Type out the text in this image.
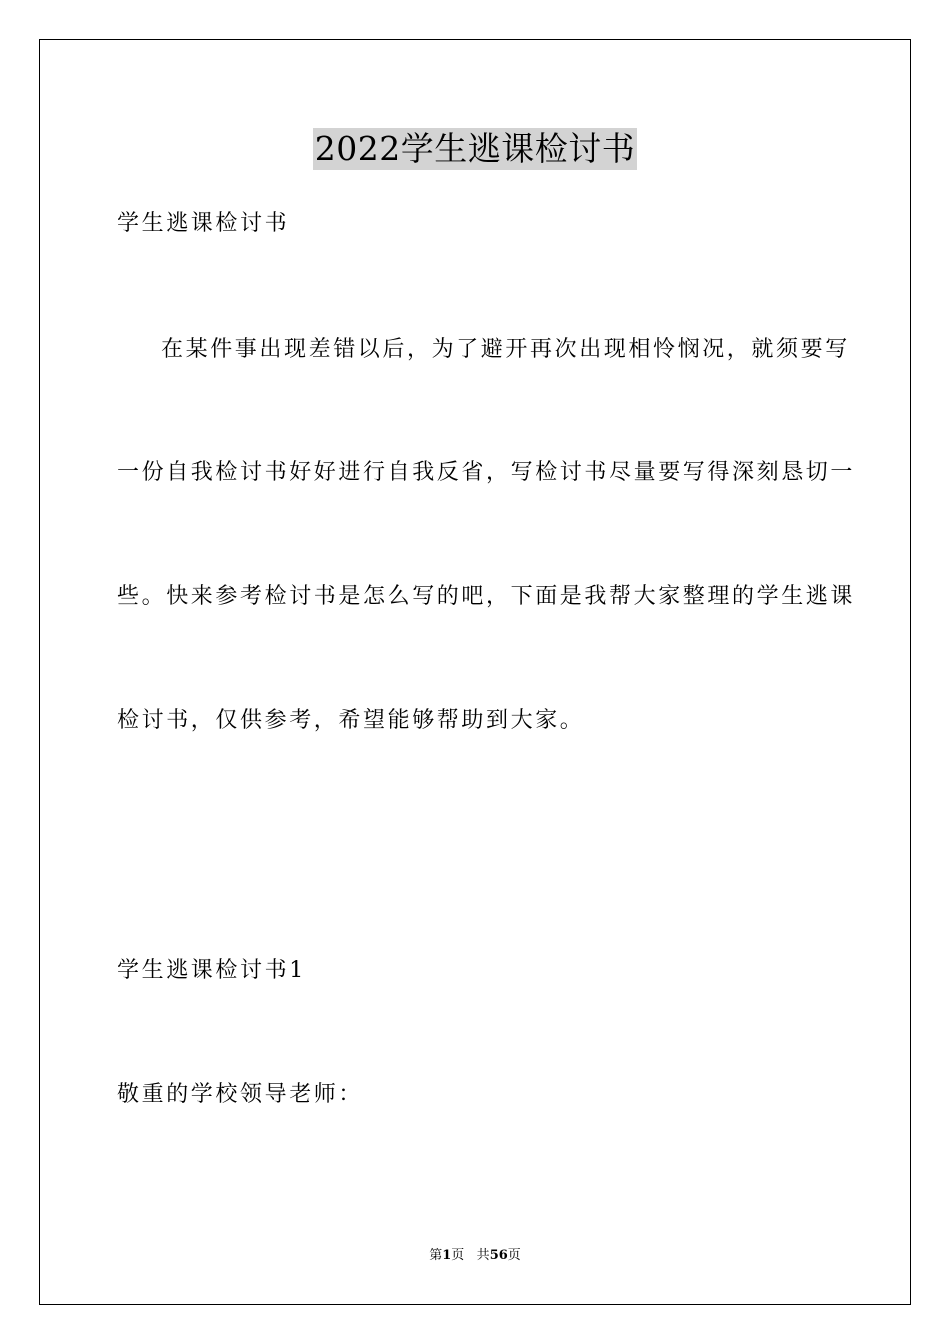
2022学生逃课检讨书
学生逃课检讨书
在某件事出现差错以后，为了避开再次出现相怜悯况，就须要写
一份自我检讨书好好进行自我反省，写检讨书尽量要写得深刻恳切一
些。快来参考检讨书是怎么写的吧，下面是我帮大家整理的学生逃课
检讨书，仅供参考，希望能够帮助到大家。
学生逃课检讨书1
敬重的学校领导老师：
第1页 共56页
